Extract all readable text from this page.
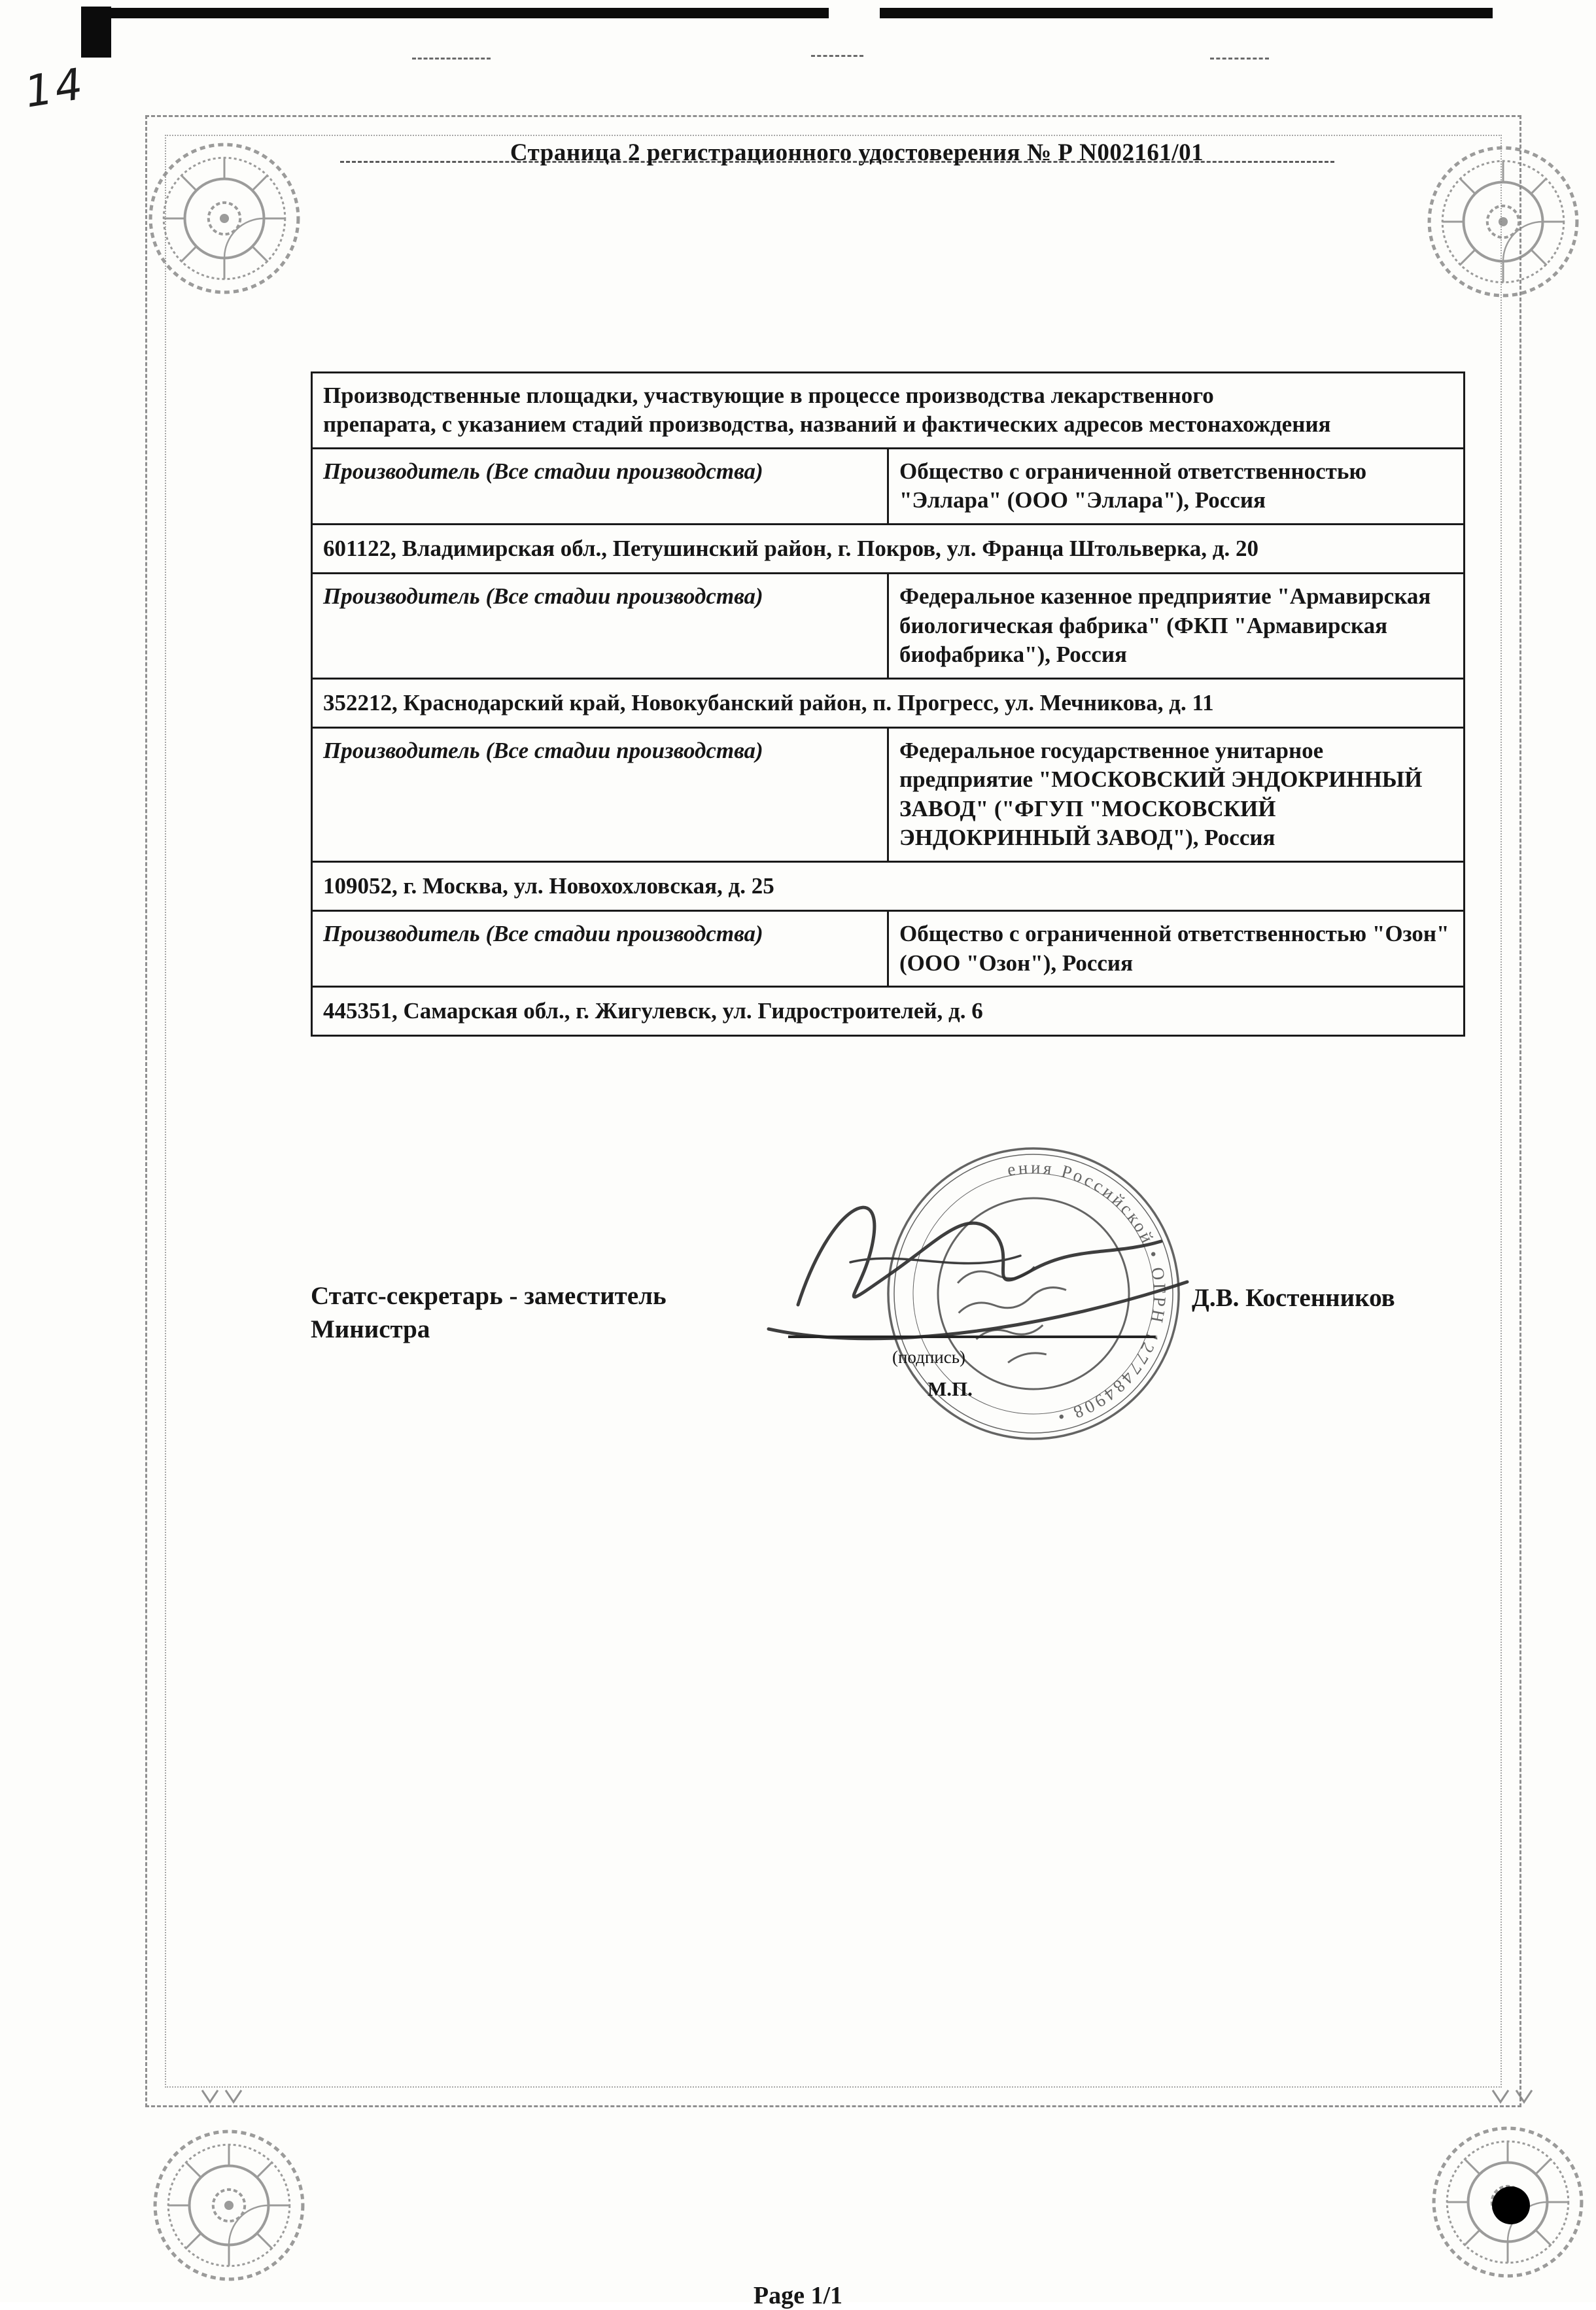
14
Страница 2 регистрационного удостоверения № Р N002161/01
Производственные площадки, участвующие в процессе производства лекарственного препарата, с указанием стадий производства, названий и фактических адресов местонахождения	
Производитель (Все стадии производства)	Общество с ограниченной ответственностью "Эллара" (ООО "Эллара"), Россия
601122, Владимирская обл., Петушинский район, г. Покров, ул. Франца Штольверка, д. 20	
Производитель (Все стадии производства)	Федеральное казенное предприятие "Армавирская биологическая фабрика" (ФКП "Армавирская биофабрика"), Россия
352212, Краснодарский край, Новокубанский район, п. Прогресс, ул. Мечникова, д. 11	
Производитель (Все стадии производства)	Федеральное государственное унитарное предприятие "МОСКОВСКИЙ ЭНДОКРИННЫЙ ЗАВОД" ("ФГУП "МОСКОВСКИЙ ЭНДОКРИННЫЙ ЗАВОД"), Россия
109052, г. Москва, ул. Новохохловская, д. 25	
Производитель (Все стадии производства)	Общество с ограниченной ответственностью "Озон" (ООО "Озон"), Россия
445351, Самарская обл., г. Жигулевск, ул. Гидростроителей, д. 6	
ения Российской • ОГРН 1277484908 •
Статс-секретарь - заместитель
Министра
(подпись)
М.П.
Д.В. Костенников
Page 1/1
